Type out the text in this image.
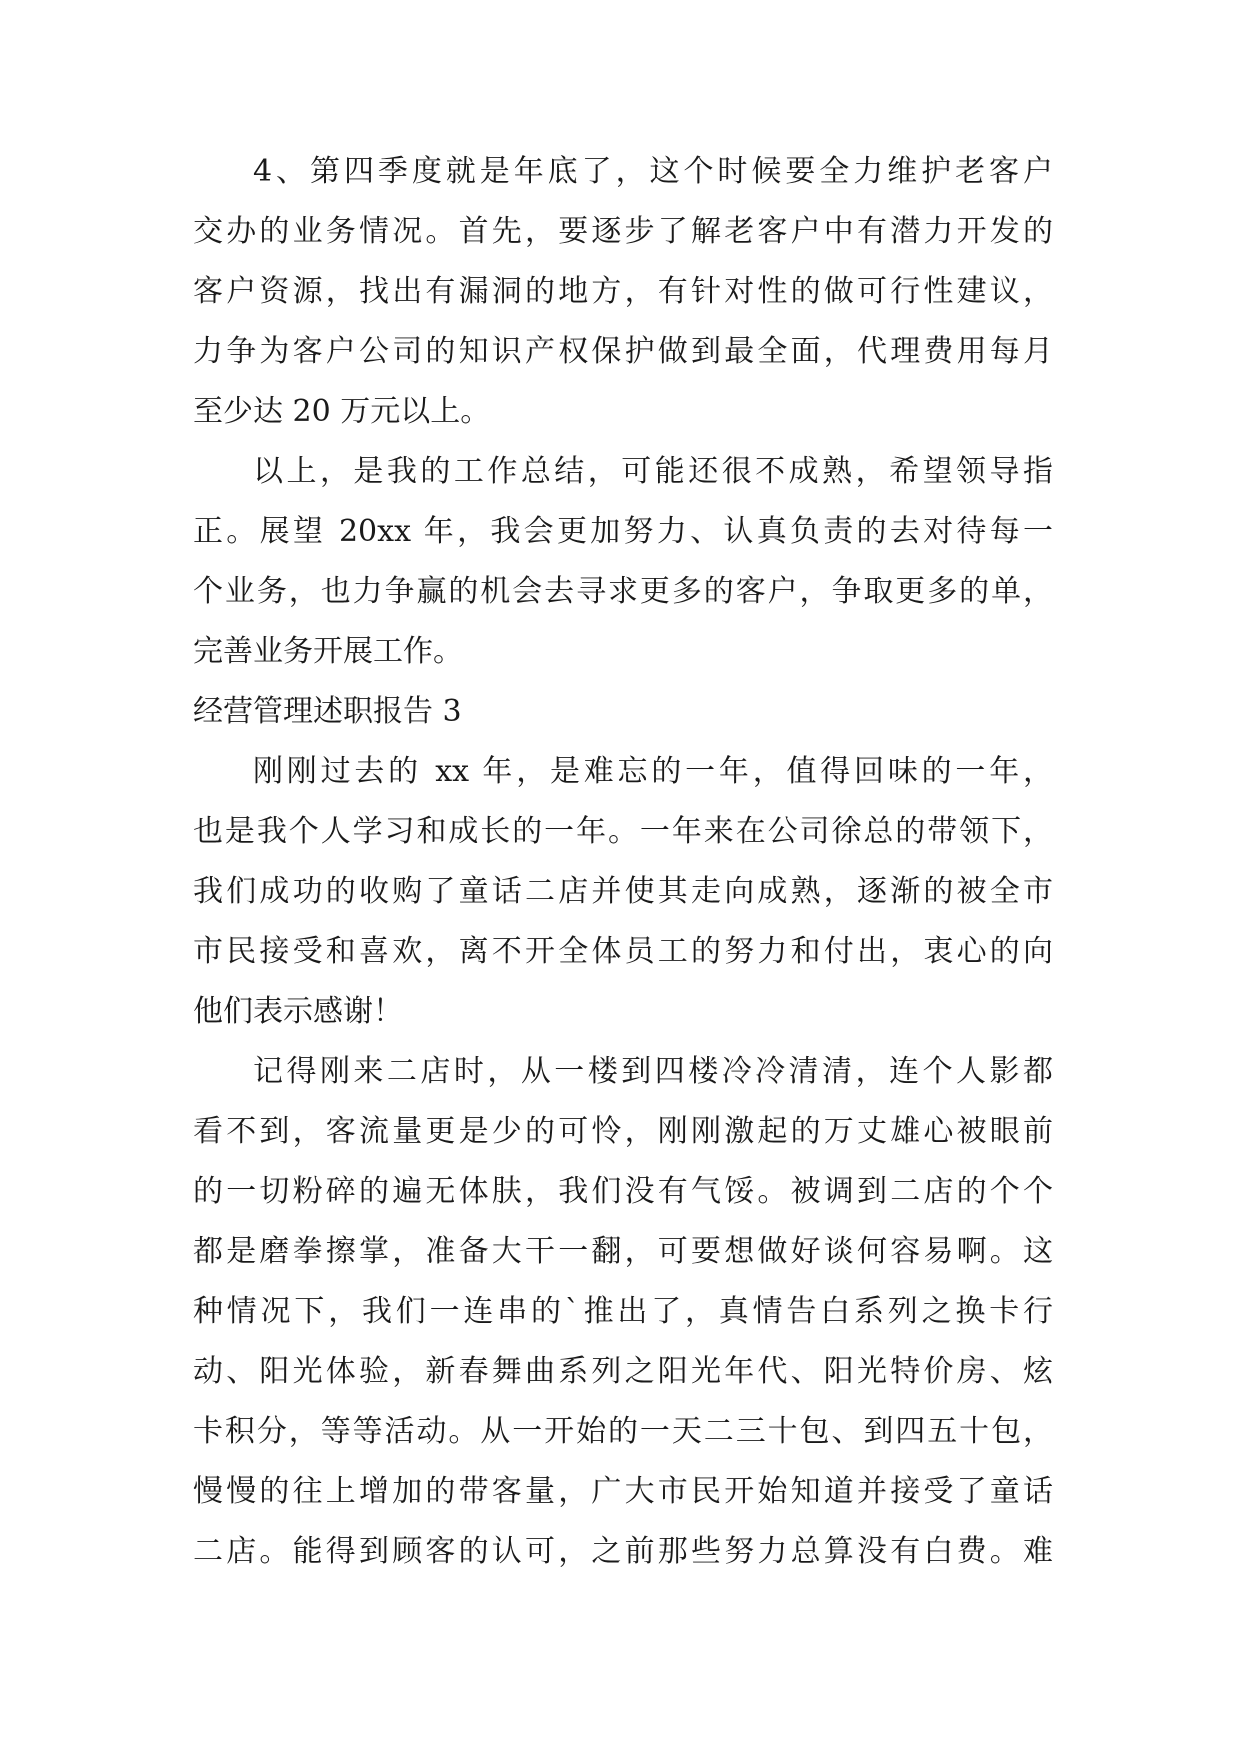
4、第四季度就是年底了，这个时候要全力维护老客户
交办的业务情况。首先，要逐步了解老客户中有潜力开发的
客户资源，找出有漏洞的地方，有针对性的做可行性建议，
力争为客户公司的知识产权保护做到最全面，代理费用每月
至少达 20 万元以上。
以上，是我的工作总结，可能还很不成熟，希望领导指
正。展望 20xx 年，我会更加努力、认真负责的去对待每一
个业务，也力争赢的机会去寻求更多的客户，争取更多的单，
完善业务开展工作。
经营管理述职报告 3
刚刚过去的 xx 年，是难忘的一年，值得回味的一年，
也是我个人学习和成长的一年。一年来在公司徐总的带领下，
我们成功的收购了童话二店并使其走向成熟，逐渐的被全市
市民接受和喜欢，离不开全体员工的努力和付出，衷心的向
他们表示感谢！
记得刚来二店时，从一楼到四楼冷冷清清，连个人影都
看不到，客流量更是少的可怜，刚刚激起的万丈雄心被眼前
的一切粉碎的遍无体肤，我们没有气馁。被调到二店的个个
都是磨拳擦掌，准备大干一翻，可要想做好谈何容易啊。这
种情况下，我们一连串的`推出了，真情告白系列之换卡行
动、阳光体验，新春舞曲系列之阳光年代、阳光特价房、炫
卡积分，等等活动。从一开始的一天二三十包、到四五十包，
慢慢的往上增加的带客量，广大市民开始知道并接受了童话
二店。能得到顾客的认可，之前那些努力总算没有白费。难
